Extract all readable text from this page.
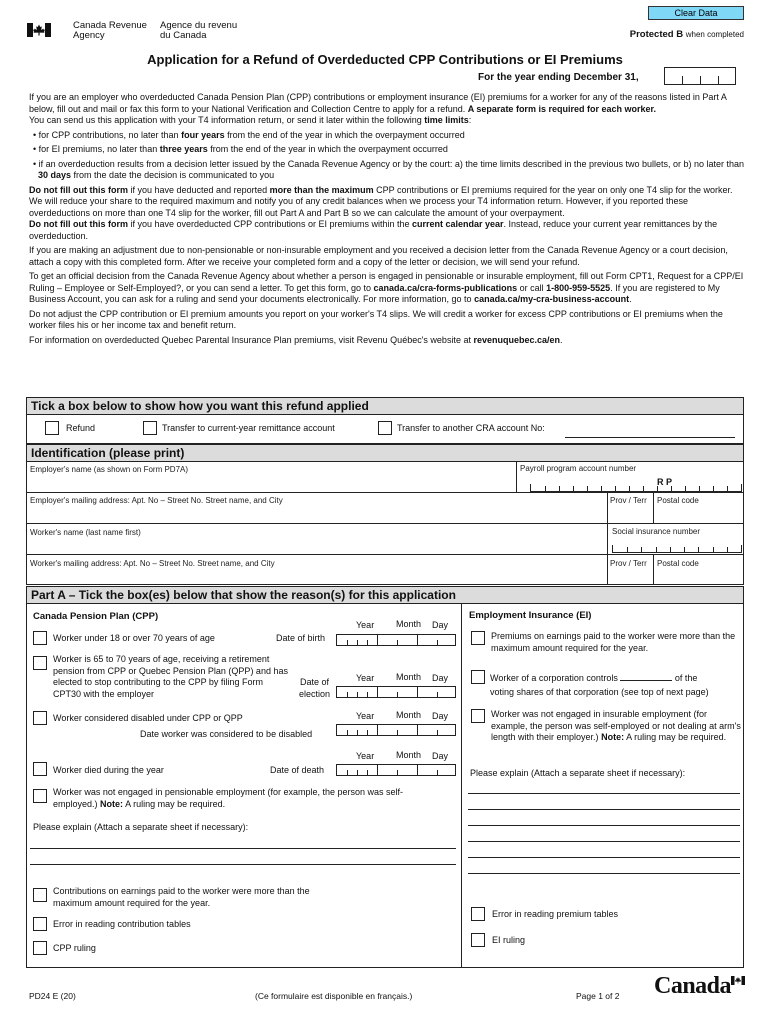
Canada Revenue
Agency
Agence du revenu
du Canada
Clear Data
Protected B when completed
Application for a Refund of Overdeducted CPP Contributions or EI Premiums
For the year ending December 31,

If you are an employer who overdeducted Canada Pension Plan (CPP) contributions or employment insurance (EI) premiums for a worker for any of the reasons listed in Part A below, fill out and mail or fax this form to your National Verification and Collection Centre to apply for a refund. A separate form is required for each worker.

You can send us this application with your T4 information return, or send it later within the following time limits:

• for CPP contributions, no later than four years from the end of the year in which the overpayment occurred

• for EI premiums, no later than three years from the end of the year in which the overpayment occurred

• if an overdeduction results from a decision letter issued by the Canada Revenue Agency or by the court: a) the time limits described in the previous two bullets, or b) no later than 30 days from the date the decision is communicated to you

Do not fill out this form if you have deducted and reported more than the maximum CPP contributions or EI premiums required for the year on only one T4 slip for the worker. We will reduce your share to the required maximum and notify you of any credit balances when we process your T4 information return. However, if you reported these overdeductions on more than one T4 slip for the worker, fill out Part A and Part B so we can calculate the amount of your overpayment.

Do not fill out this form if you have overdeducted CPP contributions or EI premiums within the current calendar year. Instead, reduce your current year remittances by the overdeduction.

If you are making an adjustment due to non-pensionable or non-insurable employment and you received a decision letter from the Canada Revenue Agency or a court decision, attach a copy with this completed form. After we receive your completed form and a copy of the letter or decision, we will send your refund.

To get an official decision from the Canada Revenue Agency about whether a person is engaged in pensionable or insurable employment, fill out Form CPT1, Request for a CPP/EI Ruling – Employee or Self-Employed?, or you can send a letter. To get this form, go to canada.ca/cra-forms-publications or call 1-800-959-5525. If you are registered to My Business Account, you can ask for a ruling and send your documents electronically. For more information, go to canada.ca/my-cra-business-account.

Do not adjust the CPP contribution or EI premium amounts you report on your worker's T4 slips. We will credit a worker for excess CPP contributions or EI premiums when the worker files his or her income tax and benefit return.

For information on overdeducted Quebec Parental Insurance Plan premiums, visit Revenu Québec's website at revenuquebec.ca/en.

Tick a box below to show how you want this refund applied
Refund	Transfer to current-year remittance account	Transfer to another CRA account No:
Identification (please print)
Employer's name (as shown on Form PD7A)	Payroll program account number
R P
Employer's mailing address: Apt. No – Street No. Street name, and City	Prov / Terr Postal code
Worker's name (last name first)	Social insurance number
Worker's mailing address: Apt. No – Street No. Street name, and City	Prov / Terr Postal code
Part A – Tick the box(es) below that show the reason(s) for this application
Canada Pension Plan (CPP)	Employment Insurance (EI)
Year Month Day
Worker under 18 or over 70 years of age	Date of birth
Worker is 65 to 70 years of age, receiving a retirement pension from CPP or Quebec Pension Plan (QPP) and has elected to stop contributing to the CPP by filing Form CPT30 with the employer
Year Month Day
Date of
election
Year Month Day
Worker considered disabled under CPP or QPP
Date worker was considered to be disabled
Year Month Day
Worker died during the year	Date of death
Worker was not engaged in pensionable employment (for example, the person was self-employed.) Note: A ruling may be required.
Please explain (Attach a separate sheet if necessary):
Contributions on earnings paid to the worker were more than the maximum amount required for the year.
Error in reading contribution tables
CPP ruling
Premiums on earnings paid to the worker were more than the maximum amount required for the year.
Worker of a corporation controls	of the
voting shares of that corporation (see top of next page)
Worker was not engaged in insurable employment (for example, the person was self-employed or not dealing at arm's length with their employer.) Note: A ruling may be required.
Please explain (Attach a separate sheet if necessary):
Error in reading premium tables
EI ruling
PD24 E (20)	(Ce formulaire est disponible en français.)	Page 1 of 2 Canada
